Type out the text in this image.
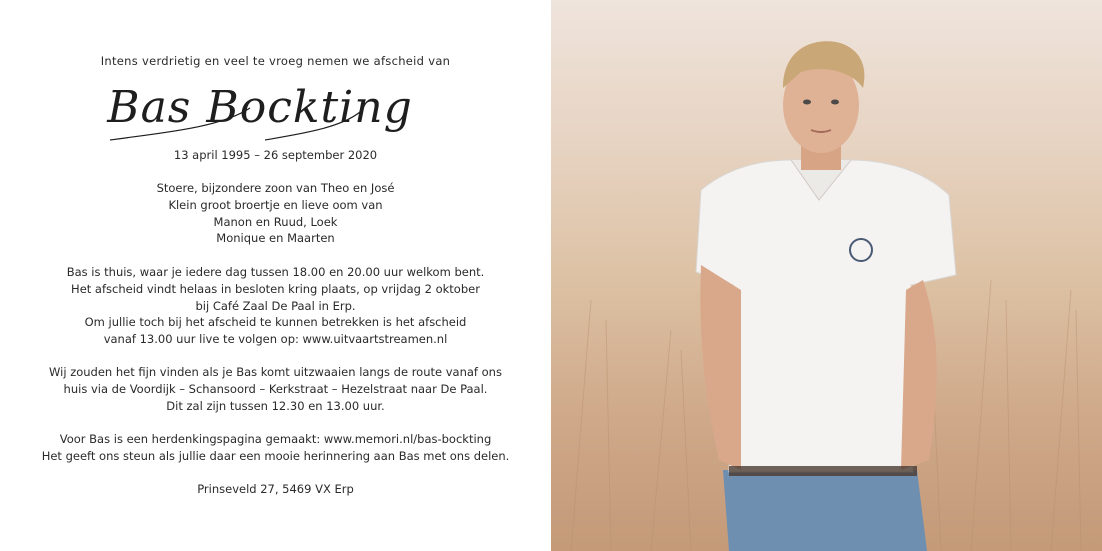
Intens verdrietig en veel te vroeg nemen we afscheid van
Bas Bockting
13 april 1995 – 26 september 2020
Stoere, bijzondere zoon van Theo en José
Klein groot broertje en lieve oom van
Manon en Ruud, Loek
Monique en Maarten
Bas is thuis, waar je iedere dag tussen 18.00 en 20.00 uur welkom bent.
Het afscheid vindt helaas in besloten kring plaats, op vrijdag 2 oktober
bij Café Zaal De Paal in Erp.
Om jullie toch bij het afscheid te kunnen betrekken is het afscheid
vanaf 13.00 uur live te volgen op: www.uitvaartstreamen.nl
Wij zouden het fijn vinden als je Bas komt uitzwaaien langs de route vanaf ons
huis via de Voordijk – Schansoord – Kerkstraat – Hezelstraat naar De Paal.
Dit zal zijn tussen 12.30 en 13.00 uur.
Voor Bas is een herdenkingspagina gemaakt: www.memori.nl/bas-bockting
Het geeft ons steun als jullie daar een mooie herinnering aan Bas met ons delen.
Prinseveld 27, 5469 VX Erp
